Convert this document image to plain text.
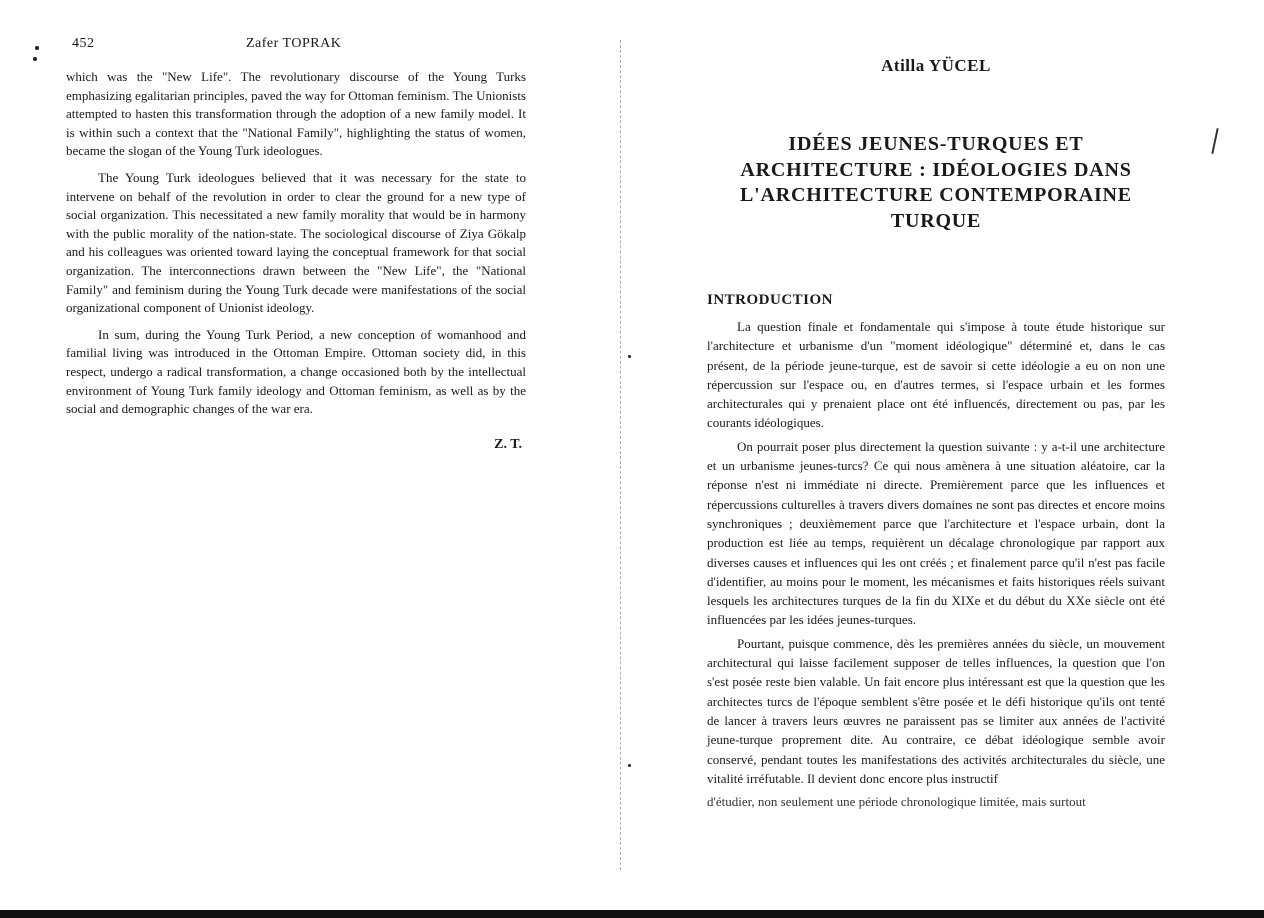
452	Zafer TOPRAK

which was the "New Life". The revolutionary discourse of the Young Turks emphasizing egalitarian principles, paved the way for Ottoman feminism. The Unionists attempted to hasten this transformation through the adoption of a new family model. It is within such a context that the "National Family", highlighting the status of women, became the slogan of the Young Turk ideologues.

The Young Turk ideologues believed that it was necessary for the state to intervene on behalf of the revolution in order to clear the ground for a new type of social organization. This necessitated a new family morality that would be in harmony with the public morality of the nation-state. The sociological discourse of Ziya Gökalp and his colleagues was oriented toward laying the conceptual framework for that social organization. The interconnections drawn between the "New Life", the "National Family" and feminism during the Young Turk decade were manifestations of the social organizational component of Unionist ideology.

In sum, during the Young Turk Period, a new conception of womanhood and familial living was introduced in the Ottoman Empire. Ottoman society did, in this respect, undergo a radical transformation, a change occasioned both by the intellectual environment of Young Turk family ideology and Ottoman feminism, as well as by the social and demographic changes of the war era.

Z. T.
Atilla YÜCEL
IDÉES JEUNES-TURQUES ET
ARCHITECTURE : IDÉOLOGIES DANS
L'ARCHITECTURE CONTEMPORAINE
TURQUE
INTRODUCTION

La question finale et fondamentale qui s'impose à toute étude historique sur l'architecture et urbanisme d'un "moment idéologique" déterminé et, dans le cas présent, de la période jeune-turque, est de savoir si cette idéologie a eu on non une répercussion sur l'espace ou, en d'autres termes, si l'espace urbain et les formes architecturales qui y prenaient place ont été influencés, directement ou pas, par les courants idéologiques.

On pourrait poser plus directement la question suivante : y a-t-il une architecture et un urbanisme jeunes-turcs? Ce qui nous amènera à une situation aléatoire, car la réponse n'est ni immédiate ni directe. Premièrement parce que les influences et répercussions culturelles à travers divers domaines ne sont pas directes et encore moins synchroniques ; deuxièmement parce que l'architecture et l'espace urbain, dont la production est liée au temps, requièrent un décalage chronologique par rapport aux diverses causes et influences qui les ont créés ; et finalement parce qu'il n'est pas facile d'identifier, au moins pour le moment, les mécanismes et faits historiques réels suivant lesquels les architectures turques de la fin du XIXe et du début du XXe siècle ont été influencées par les idées jeunes-turques.

Pourtant, puisque commence, dès les premières années du siècle, un mouvement architectural qui laisse facilement supposer de telles influences, la question que l'on s'est posée reste bien valable. Un fait encore plus intéressant est que la question que les architectes turcs de l'époque semblent s'être posée et le défi historique qu'ils ont tenté de lancer à travers leurs œuvres ne paraissent pas se limiter aux années de l'activité jeune-turque proprement dite. Au contraire, ce débat idéologique semble avoir conservé, pendant toutes les manifestations des activités architecturales du siècle, une vitalité irréfutable. Il devient donc encore plus instructif

d'étudier, non seulement une période chronologique limitée, mais surtout
